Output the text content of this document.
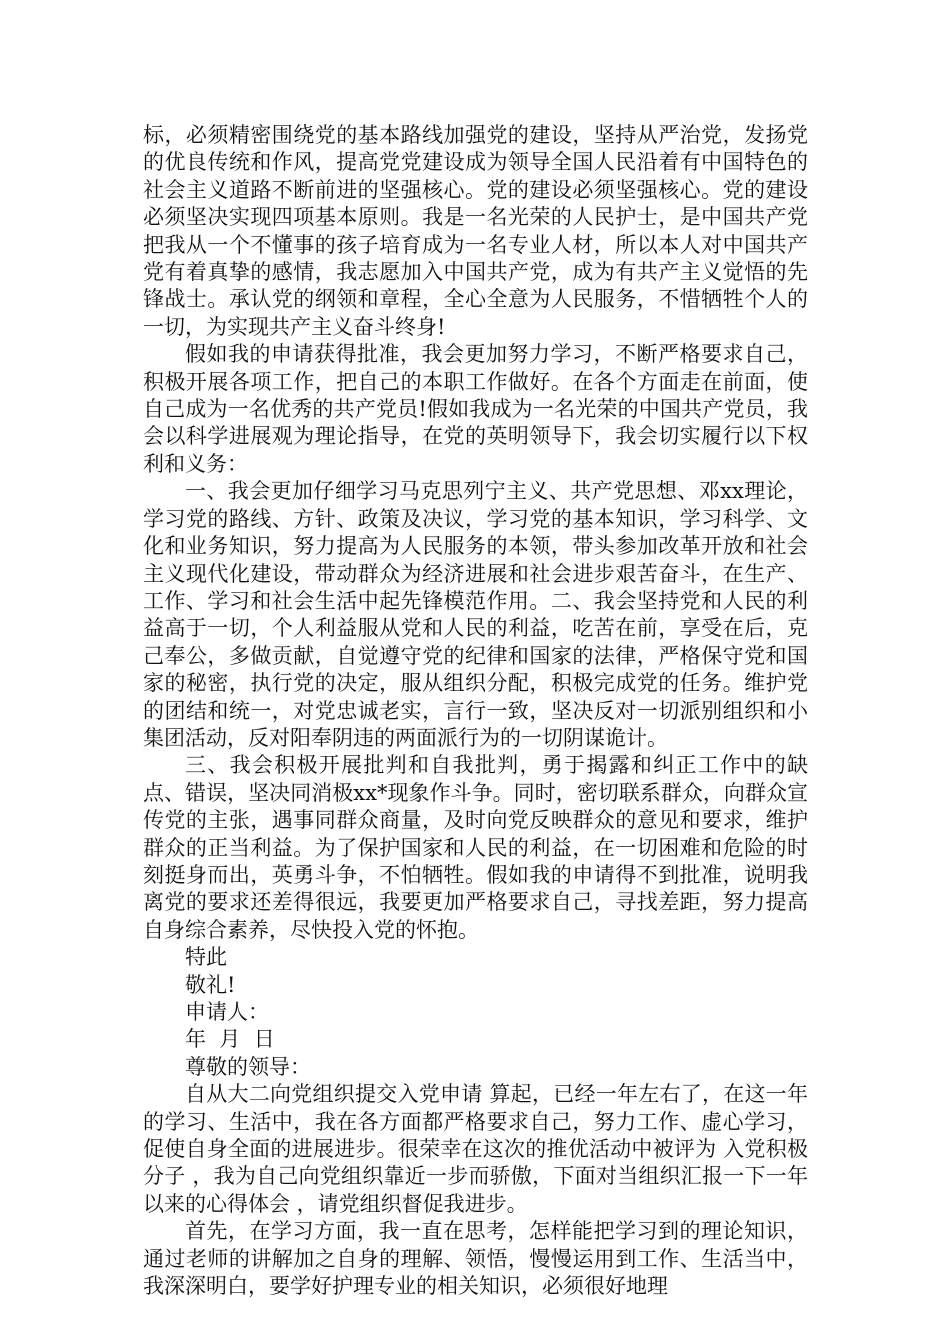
标，必须精密围绕党的基本路线加强党的建设，坚持从严治党，发扬党的优良传统和作风，提高党党建设成为领导全国人民沿着有中国特色的社会主义道路不断前进的坚强核心。党的建设必须坚强核心。党的建设必须坚决实现四项基本原则。我是一名光荣的人民护士，是中国共产党把我从一个不懂事的孩子培育成为一名专业人材，所以本人对中国共产党有着真挚的感情，我志愿加入中国共产党，成为有共产主义觉悟的先锋战士。承认党的纲领和章程，全心全意为人民服务，不惜牺牲个人的一切，为实现共产主义奋斗终身!

假如我的申请获得批准，我会更加努力学习，不断严格要求自己，积极开展各项工作，把自己的本职工作做好。在各个方面走在前面，使自己成为一名优秀的共产党员!假如我成为一名光荣的中国共产党员，我会以科学进展观为理论指导，在党的英明领导下，我会切实履行以下权利和义务：

一、我会更加仔细学习马克思列宁主义、共产党思想、邓xx理论，学习党的路线、方针、政策及决议，学习党的基本知识，学习科学、文化和业务知识，努力提高为人民服务的本领，带头参加改革开放和社会主义现代化建设，带动群众为经济进展和社会进步艰苦奋斗，在生产、工作、学习和社会生活中起先锋模范作用。二、我会坚持党和人民的利益高于一切，个人利益服从党和人民的利益，吃苦在前，享受在后，克己奉公，多做贡献，自觉遵守党的纪律和国家的法律，严格保守党和国家的秘密，执行党的决定，服从组织分配，积极完成党的任务。维护党的团结和统一，对党忠诚老实，言行一致，坚决反对一切派别组织和小集团活动，反对阳奉阴违的两面派行为的一切阴谋诡计。

三、我会积极开展批判和自我批判，勇于揭露和纠正工作中的缺点、错误，坚决同消极xx*现象作斗争。同时，密切联系群众，向群众宣传党的主张，遇事同群众商量，及时向党反映群众的意见和要求，维护群众的正当利益。为了保护国家和人民的利益，在一切困难和危险的时刻挺身而出，英勇斗争，不怕牺牲。假如我的申请得不到批准，说明我离党的要求还差得很远，我要更加严格要求自己，寻找差距，努力提高自身综合素养，尽快投入党的怀抱。

特此

敬礼!

申请人：

年  月  日

尊敬的领导：

自从大二向党组织提交入党申请 算起，已经一年左右了，在这一年的学习、生活中，我在各方面都严格要求自己，努力工作、虚心学习，促使自身全面的进展进步。很荣幸在这次的推优活动中被评为 入党积极分子 ，我为自己向党组织靠近一步而骄傲，下面对当组织汇报一下一年以来的心得体会 ，请党组织督促我进步。

首先，在学习方面，我一直在思考，怎样能把学习到的理论知识，通过老师的讲解加之自身的理解、领悟，慢慢运用到工作、生活当中，我深深明白，要学好护理专业的相关知识，必须很好地理
